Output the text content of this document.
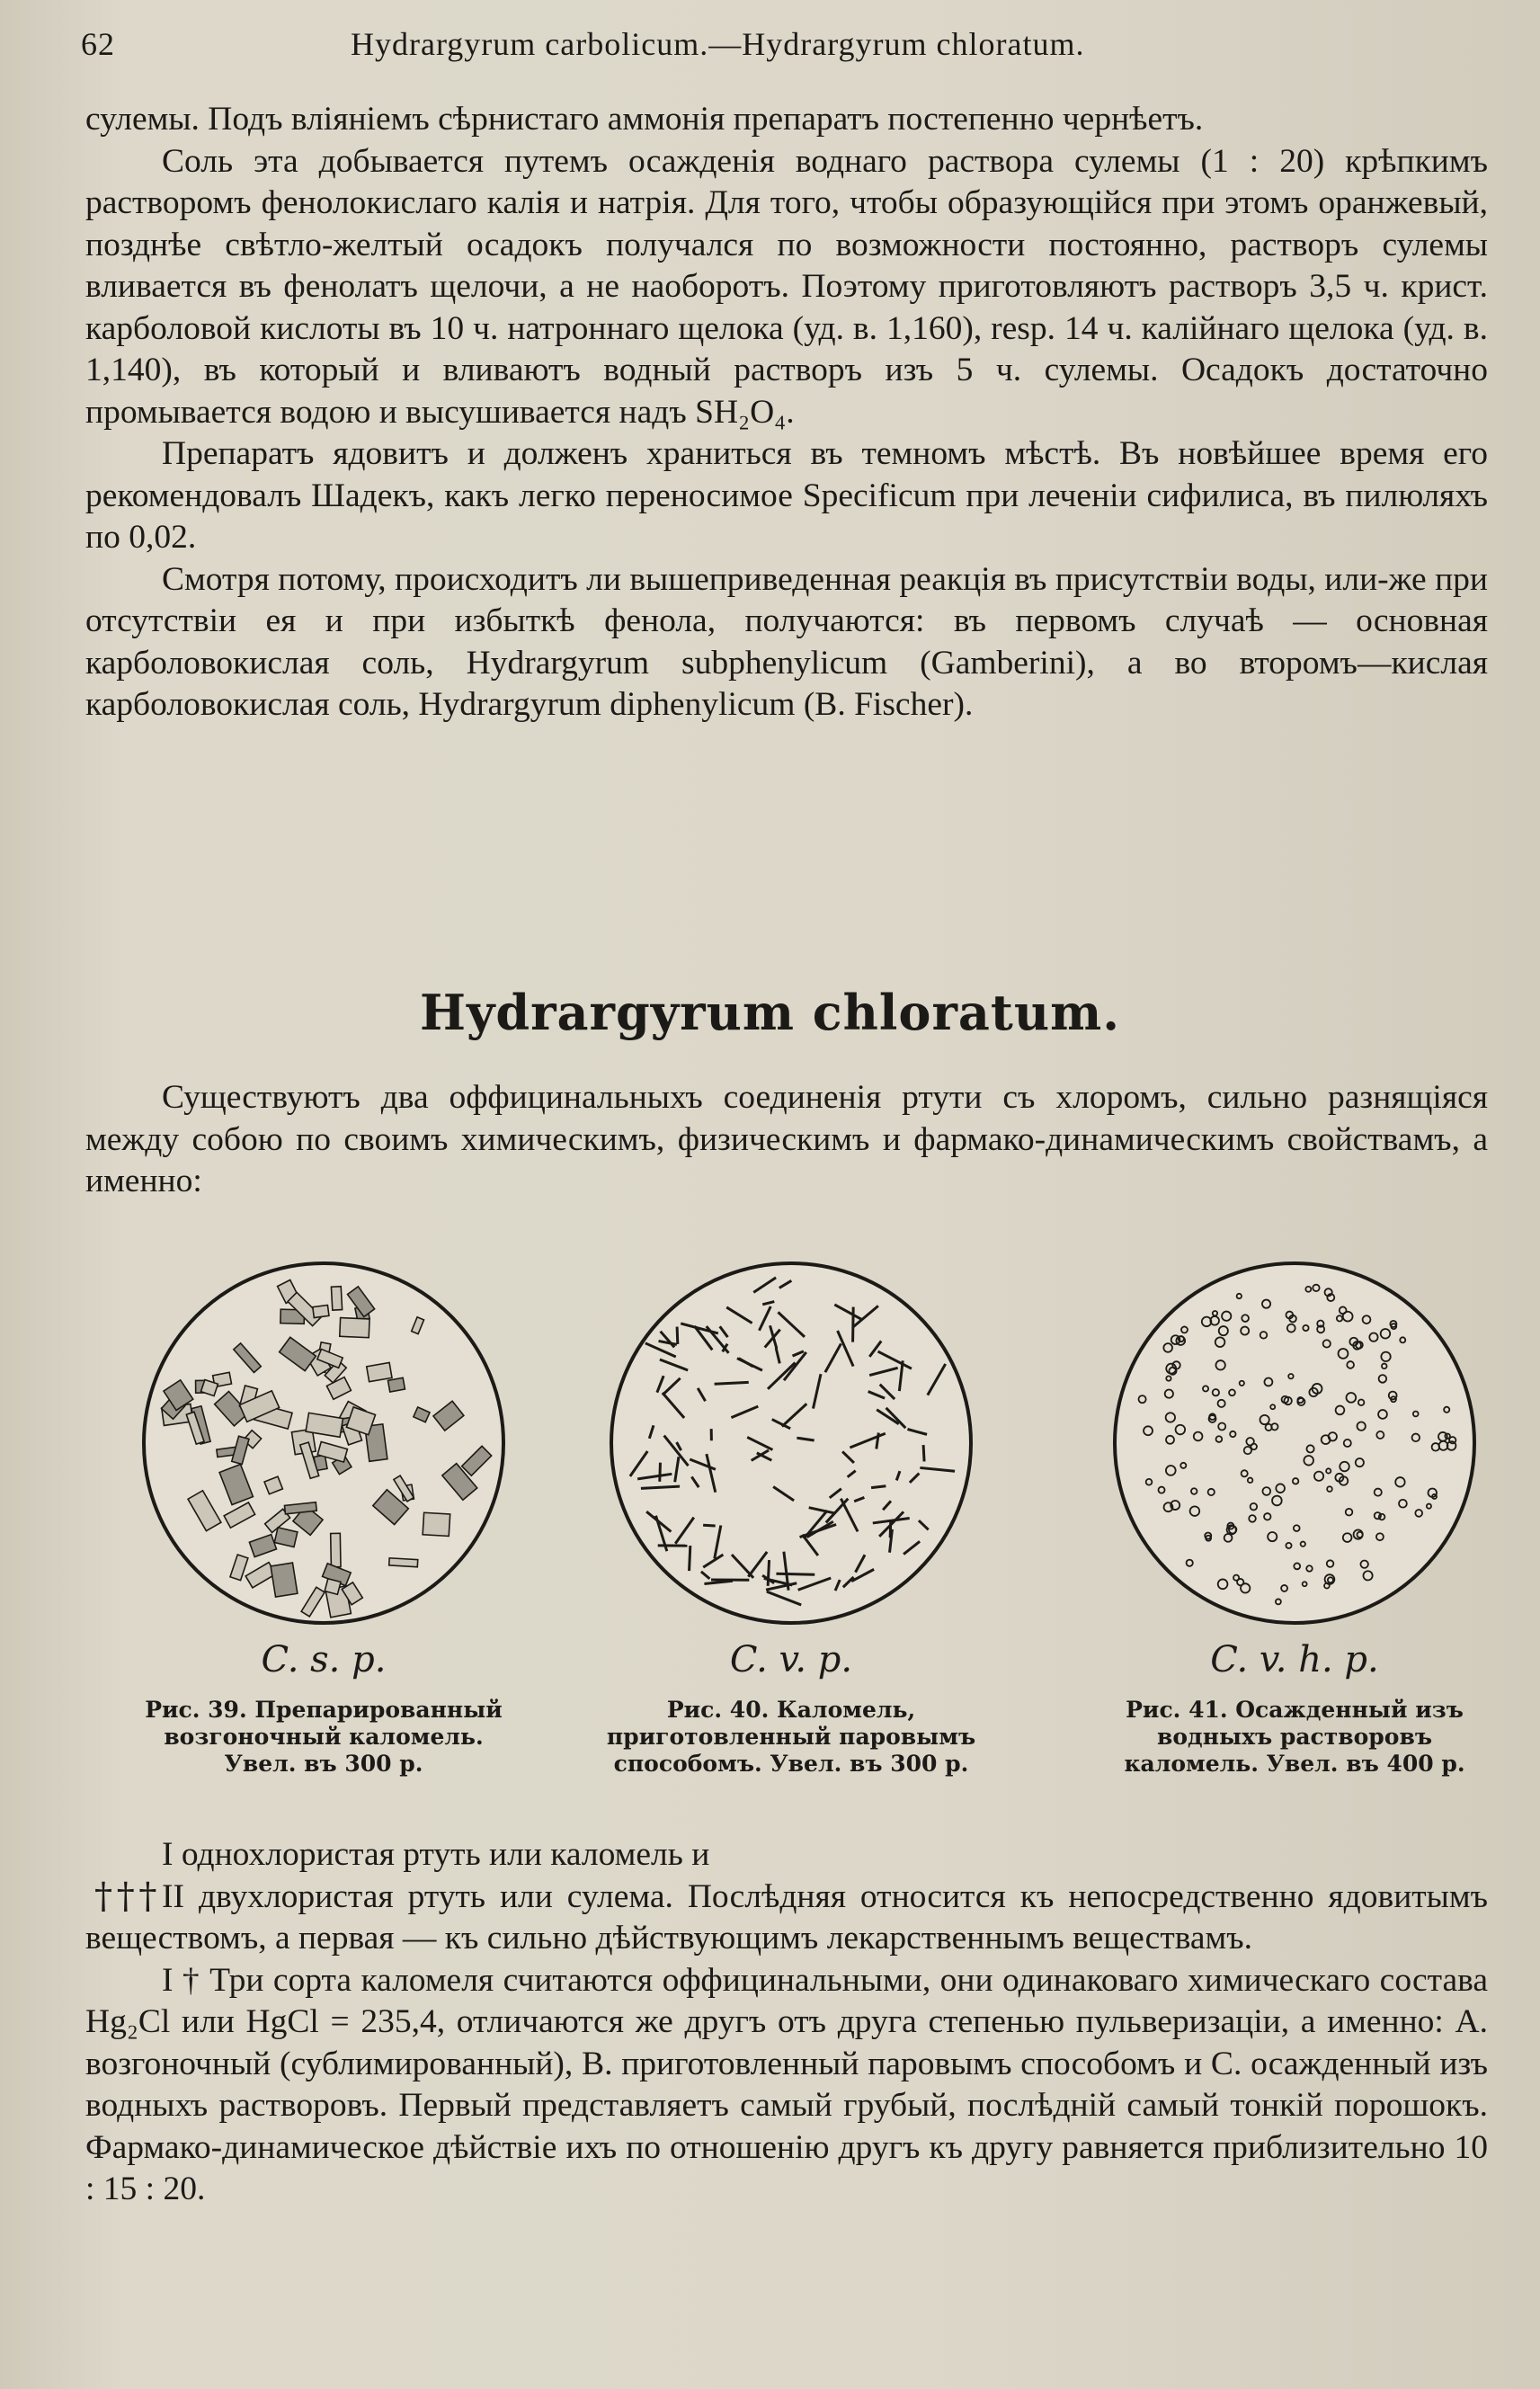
62	Hydrargyrum carbolicum.—Hydrargyrum chloratum.

сулемы. Подъ вліяніемъ сѣрнистаго аммонія препаратъ постепенно чернѣетъ.

Соль эта добывается путемъ осажденія воднаго раствора сулемы (1 : 20) крѣпкимъ растворомъ фенолокислаго калія и натрія. Для того, чтобы образующійся при этомъ оранжевый, позднѣе свѣтло-желтый осадокъ получался по возможности постоянно, растворъ сулемы вливается въ фенолатъ щелочи, а не наоборотъ. Поэтому приготовляютъ растворъ 3,5 ч. крист. карболовой кислоты въ 10 ч. натроннаго щелока (уд. в. 1,160), resp. 14 ч. калійнаго щелока (уд. в. 1,140), въ который и вливаютъ водный растворъ изъ 5 ч. сулемы. Осадокъ достаточно промывается водою и высушивается надъ SH₂O₄.

Препаратъ ядовитъ и долженъ храниться въ темномъ мѣстѣ. Въ новѣйшее время его рекомендовалъ Шадекъ, какъ легко переносимое Specificum при леченіи сифилиса, въ пилюляхъ по 0,02.

Смотря потому, происходитъ ли вышеприведенная реакція въ присутствіи воды, или-же при отсутствіи ея и при избыткѣ фенола, получаются: въ первомъ случаѣ — основная карболовокислая соль, Hydrargyrum subphenylicum (Gamberini), а во второмъ—кислая карболовокислая соль, Hydrargyrum diphenylicum (B. Fischer).

Hydrargyrum chloratum.

Существуютъ два оффицинальныхъ соединенія ртути съ хлоромъ, сильно разнящіяся между собою по своимъ химическимъ, физическимъ и фармако-динамическимъ свойствамъ, а именно:

C. s. p.
Рис. 39. Препарированный возгоночный каломель. Увел. въ 300 р.
C. v. p.
Рис. 40. Каломель, приготовленный паровымъ способомъ. Увел. въ 300 р.
C. v. h. p.
Рис. 41. Осажденный изъ водныхъ растворовъ каломель. Увел. въ 400 р.
† † †

I однохлористая ртуть или каломель и

II двухлористая ртуть или сулема. Послѣдняя относится къ непосредственно ядовитымъ веществомъ, а первая — къ сильно дѣйствующимъ лекарственнымъ веществамъ.

I † Три сорта каломеля считаются оффицинальными, они одинаковаго химическаго состава Hg₂Cl или HgCl = 235,4, отличаются же другъ отъ друга степенью пульверизаціи, а именно: A. возгоночный (сублимированный), B. приготовленный паровымъ способомъ и C. осажденный изъ водныхъ растворовъ. Первый представляетъ самый грубый, послѣдній самый тонкій порошокъ. Фармако-динамическое дѣйствіе ихъ по отношенію другъ къ другу равняется приблизительно 10 : 15 : 20.
